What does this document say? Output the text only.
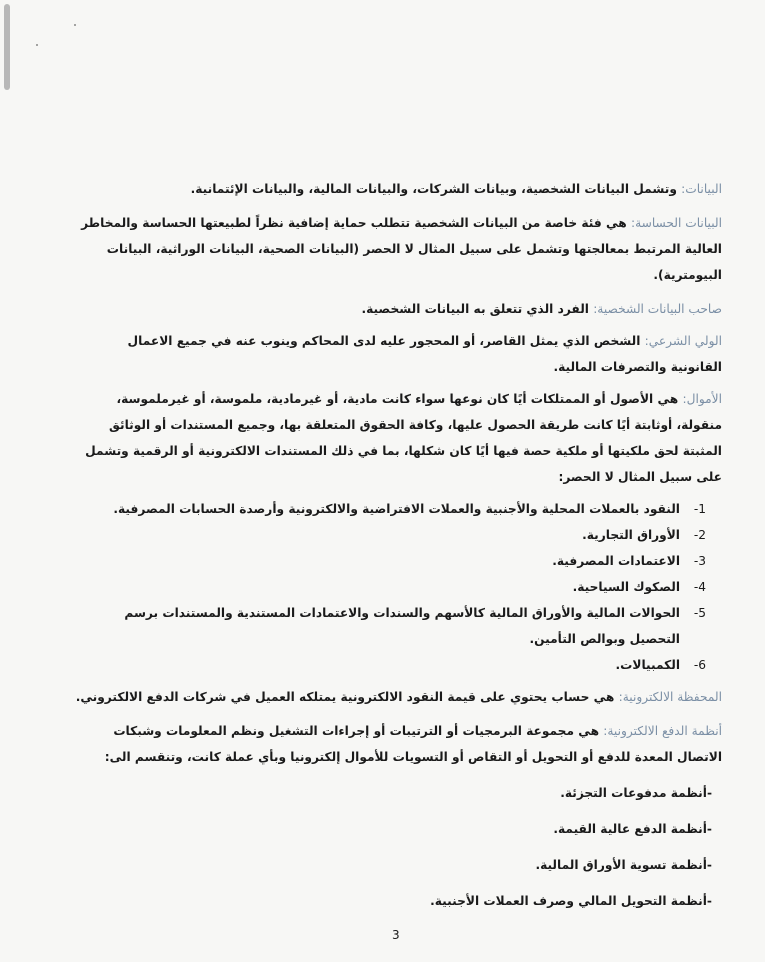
البيانات: وتشمل البيانات الشخصية، وبيانات الشركات، والبيانات المالية، والبيانات الإئتمانية.

البيانات الحساسة: هي فئة خاصة من البيانات الشخصية تتطلب حماية إضافية نظراً لطبيعتها الحساسة والمخاطر العالية المرتبط بمعالجتها وتشمل على سبيل المثال لا الحصر (البيانات الصحية، البيانات الوراثية، البيانات البيومترية).

صاحب البيانات الشخصية: الفرد الذي تتعلق به البيانات الشخصية.

الولي الشرعي: الشخص الذي يمثل القاصر، أو المحجور عليه لدى المحاكم وينوب عنه في جميع الاعمال القانونية والتصرفات المالية.

الأموال: هي الأصول أو الممتلكات أيًا كان نوعها سواء كانت مادية، أو غيرمادية، ملموسة، أو غيرملموسة، منقولة، أوثابتة أيًا كانت طريقة الحصول عليها، وكافة الحقوق المتعلقة بها، وجميع المستندات أو الوثائق المثبتة لحق ملكيتها أو ملكية حصة فيها أيًا كان شكلها، بما في ذلك المستندات الالكترونية أو الرقمية وتشمل على سبيل المثال لا الحصر:

1-
النقود بالعملات المحلية والأجنبية والعملات الافتراضية والالكترونية وأرصدة الحسابات المصرفية.
2-
الأوراق التجارية.
3-
الاعتمادات المصرفية.
4-
الصكوك السياحية.
5-
الحوالات المالية والأوراق المالية كالأسهم والسندات والاعتمادات المستندية والمستندات برسم التحصيل وبوالص التأمين.
6-
الكمبيالات.

المحفظة الالكترونية: هي حساب يحتوي على قيمة النقود الالكترونية يمتلكه العميل في شركات الدفع الالكتروني.

أنظمة الدفع الالكترونية: هي مجموعة البرمجيات أو الترتيبات أو إجراءات التشغيل ونظم المعلومات وشبكات الاتصال المعدة للدفع أو التحويل أو التقاص أو التسويات للأموال إلكترونيا وبأي عملة كانت، وتنقسم الى:

-أنظمة مدفوعات التجزئة.

-أنظمة الدفع عالية القيمة.

-أنظمة تسوية الأوراق المالية.

-أنظمة التحويل المالي وصرف العملات الأجنبية.

3
